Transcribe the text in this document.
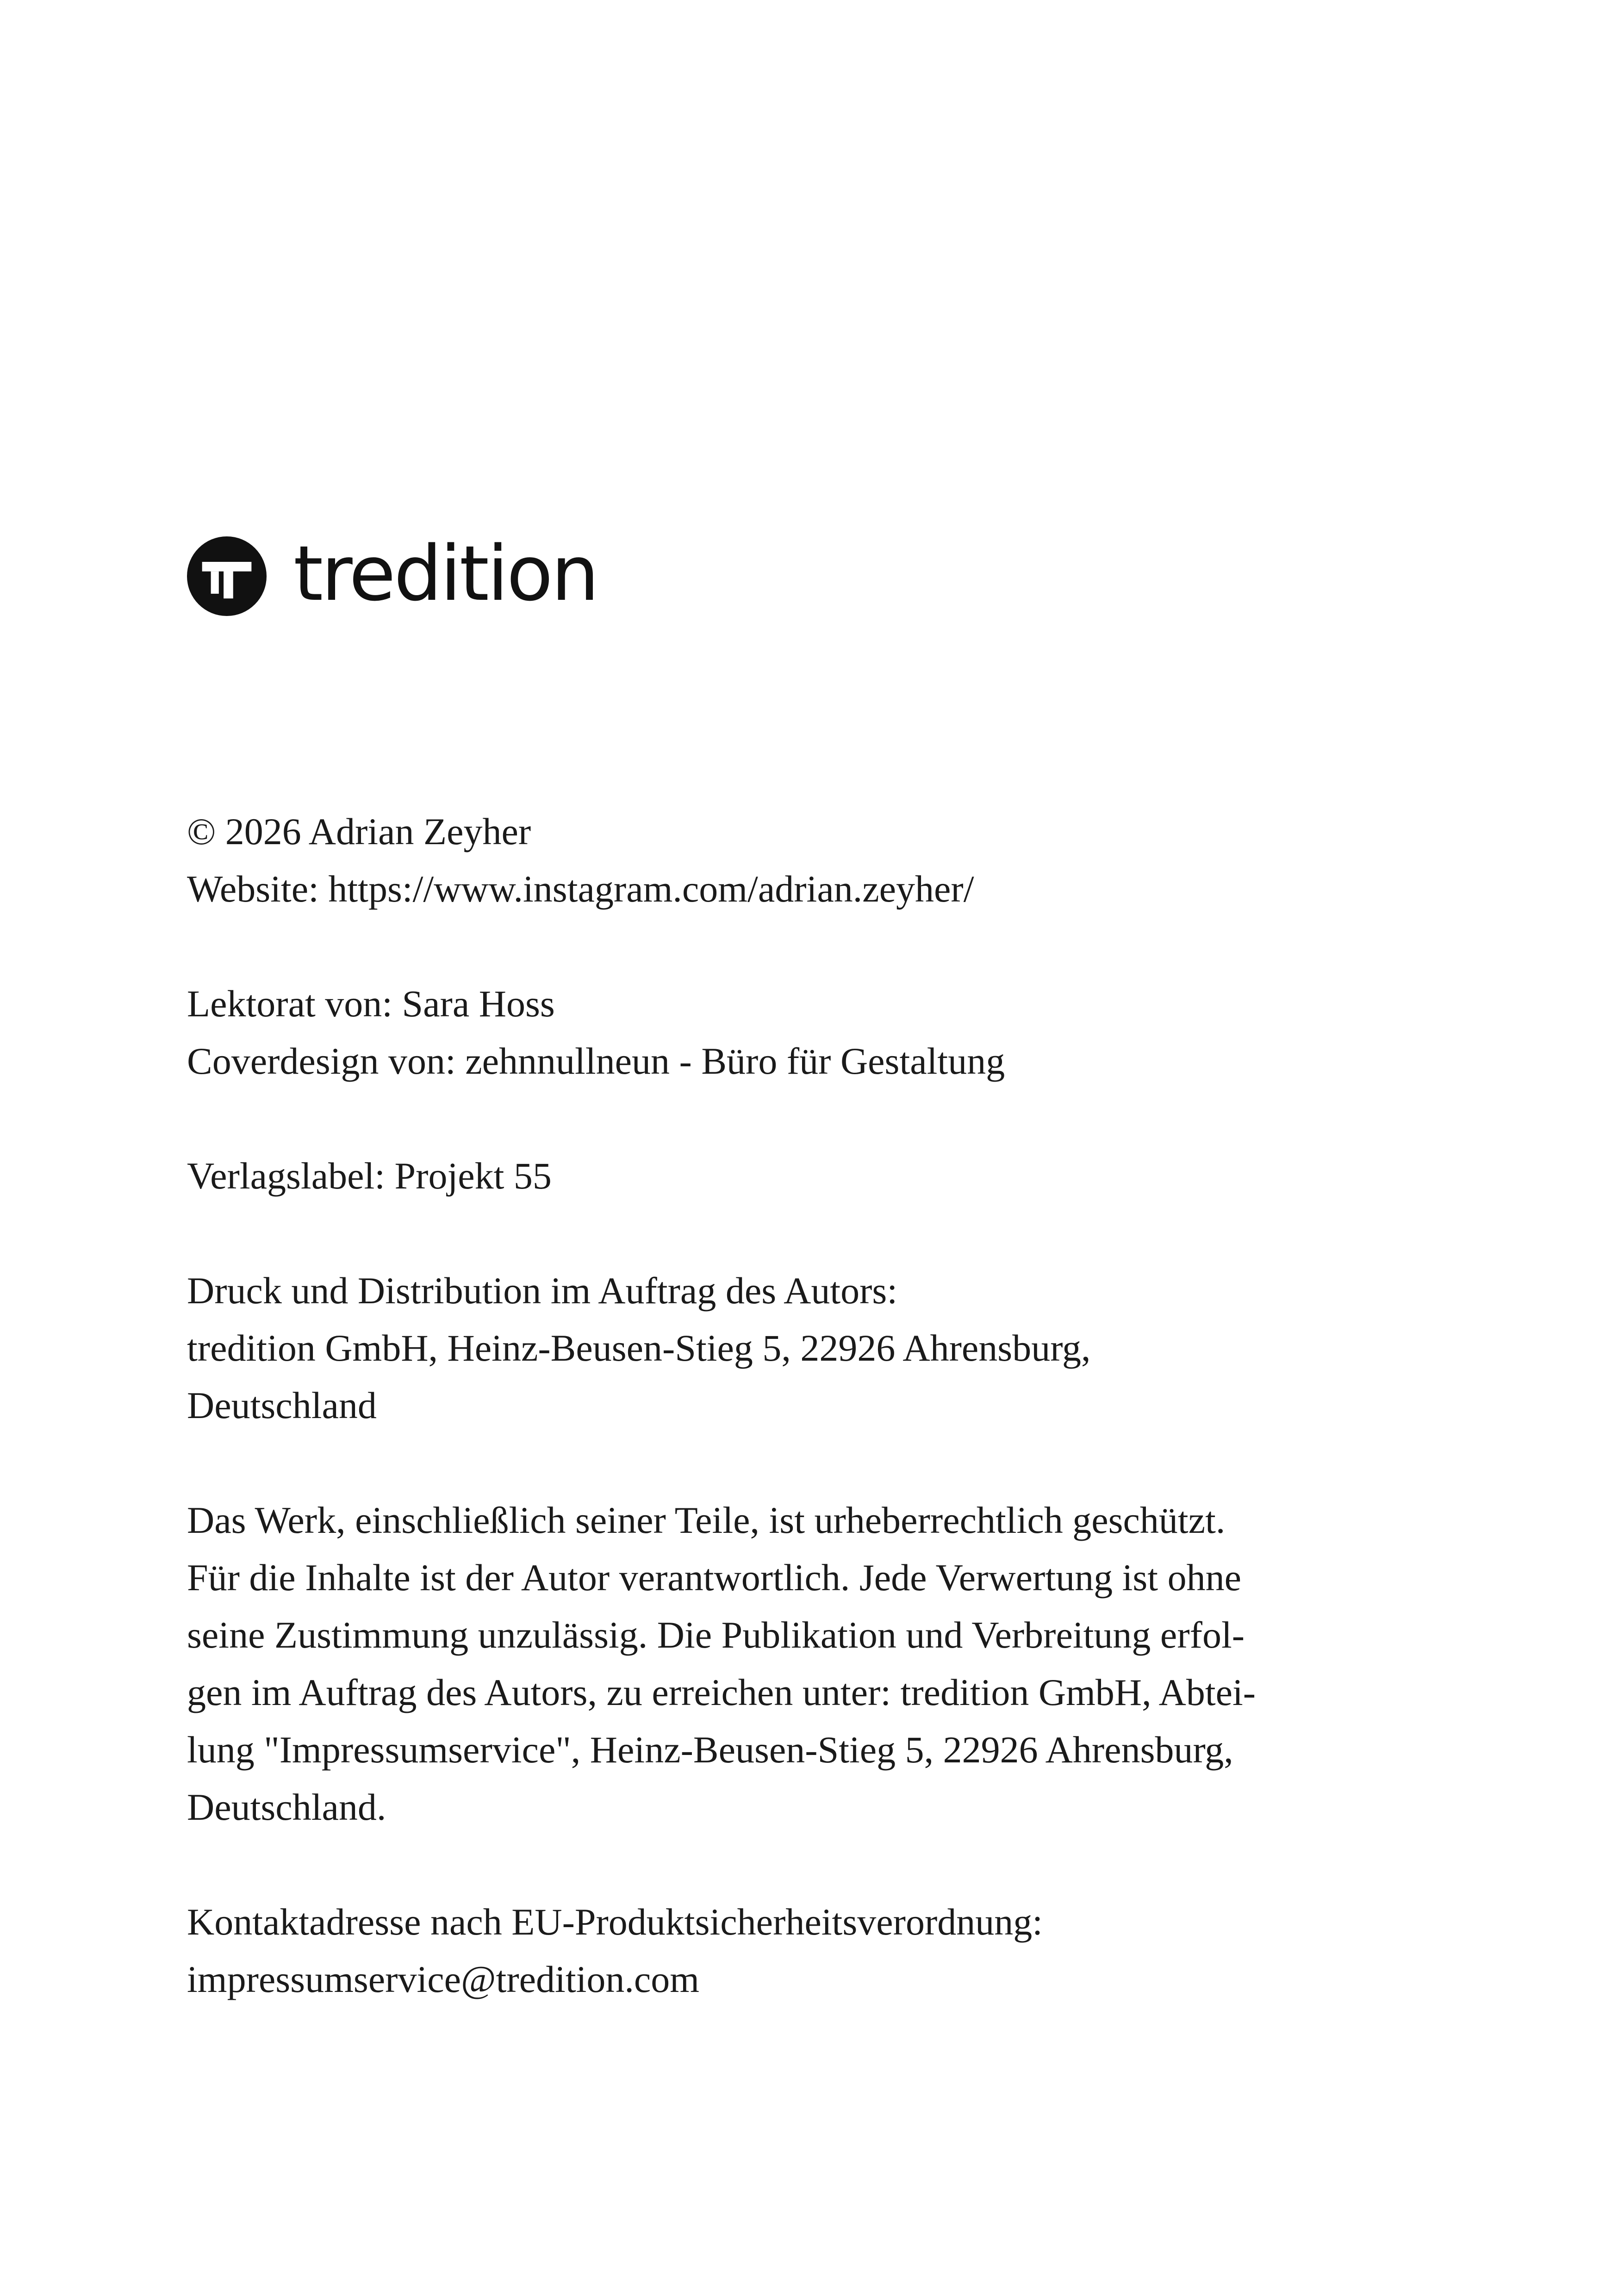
tredition
© 2026 Adrian Zeyher
Website: https://www.instagram.com/adrian.zeyher/
Lektorat von: Sara Hoss
Coverdesign von: zehnnullneun - Büro für Gestaltung
Verlagslabel: Projekt 55
Druck und Distribution im Auftrag des Autors:
tredition GmbH, Heinz-Beusen-Stieg 5, 22926 Ahrensburg,
Deutschland
Das Werk, einschließlich seiner Teile, ist urheberrechtlich geschützt.
Für die Inhalte ist der Autor verantwortlich. Jede Verwertung ist ohne
seine Zustimmung unzulässig. Die Publikation und Verbreitung erfol-
gen im Auftrag des Autors, zu erreichen unter: tredition GmbH, Abtei-
lung "Impressumservice", Heinz-Beusen-Stieg 5, 22926 Ahrensburg,
Deutschland.
Kontaktadresse nach EU-Produktsicherheitsverordnung:
impressumservice@tredition.com
